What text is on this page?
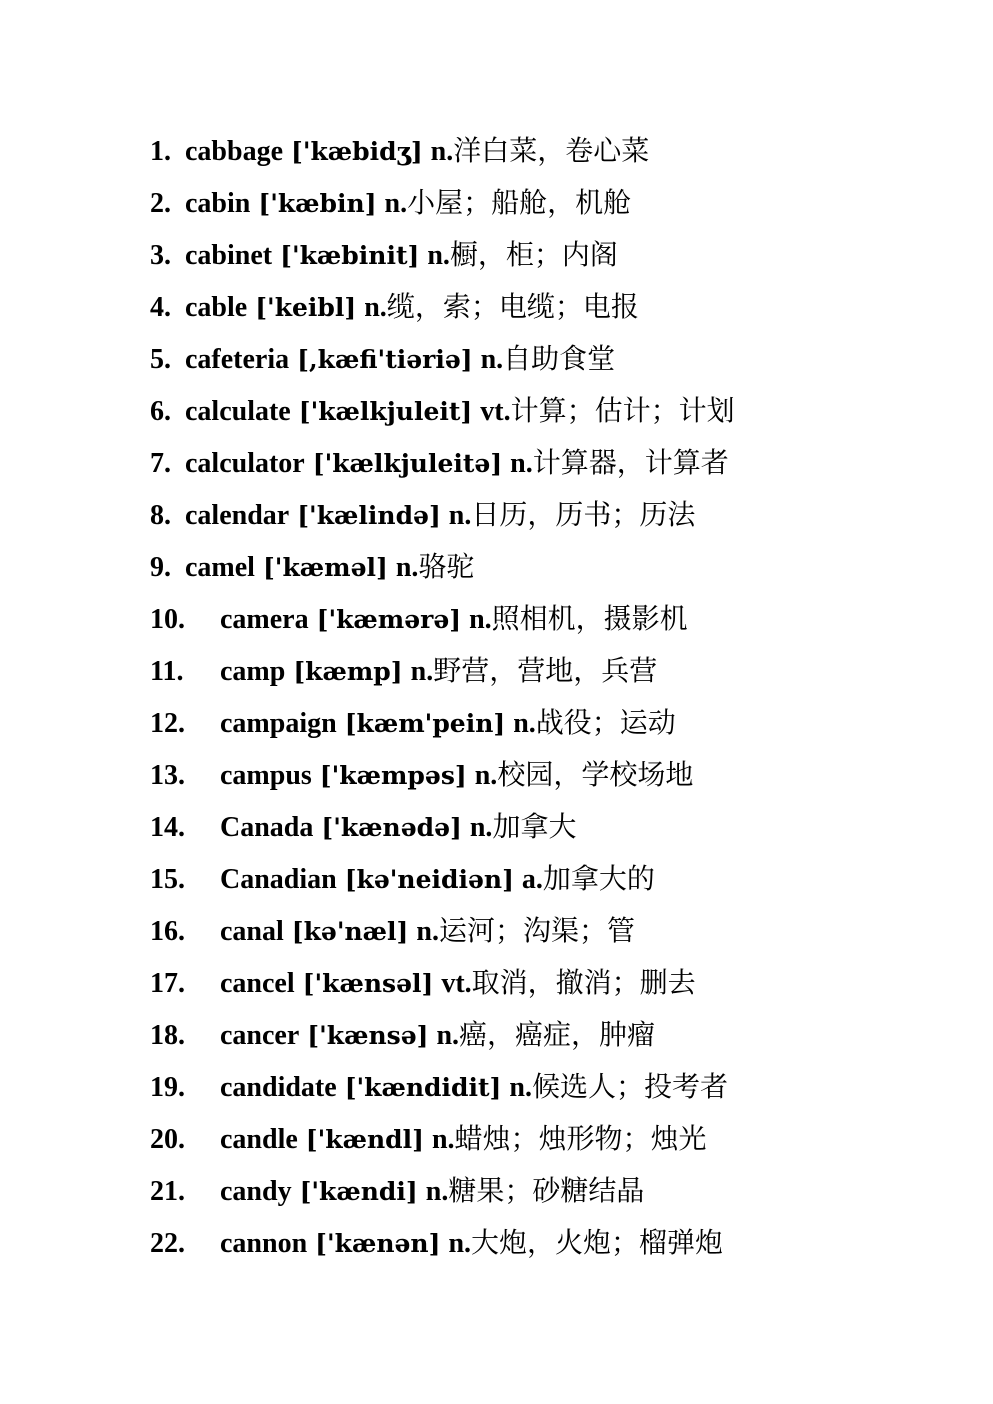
1. cabbage ['kæbidʒ] n. 洋白菜，卷心菜
2. cabin ['kæbin] n. 小屋；船舱，机舱
3. cabinet ['kæbinit] n. 橱，柜；内阁
4. cable ['keibl] n. 缆，索；电缆；电报
5. cafeteria [,kæfi'tiəriə] n. 自助食堂
6. calculate ['kælkjuleit] vt. 计算；估计；计划
7. calculator ['kælkjuleitə] n. 计算器，计算者
8. calendar ['kælində] n. 日历，历书；历法
9. camel ['kæməl] n. 骆驼
10.	camera ['kæmərə] n. 照相机，摄影机
11.	camp [kæmp] n. 野营，营地，兵营
12.	campaign [kæm'pein] n. 战役；运动
13.	campus ['kæmpəs] n. 校园，学校场地
14.	Canada ['kænədə] n. 加拿大
15.	Canadian [kə'neidiən] a. 加拿大的
16.	canal [kə'næl] n. 运河；沟渠；管
17.	cancel ['kænsəl] vt. 取消，撤消；删去
18.	cancer ['kænsə] n. 癌，癌症，肿瘤
19.	candidate ['kændidit] n. 候选人；投考者
20.	candle ['kændl] n. 蜡烛；烛形物；烛光
21.	candy ['kændi] n. 糖果；砂糖结晶
22.	cannon ['kænən] n. 大炮，火炮；榴弹炮
